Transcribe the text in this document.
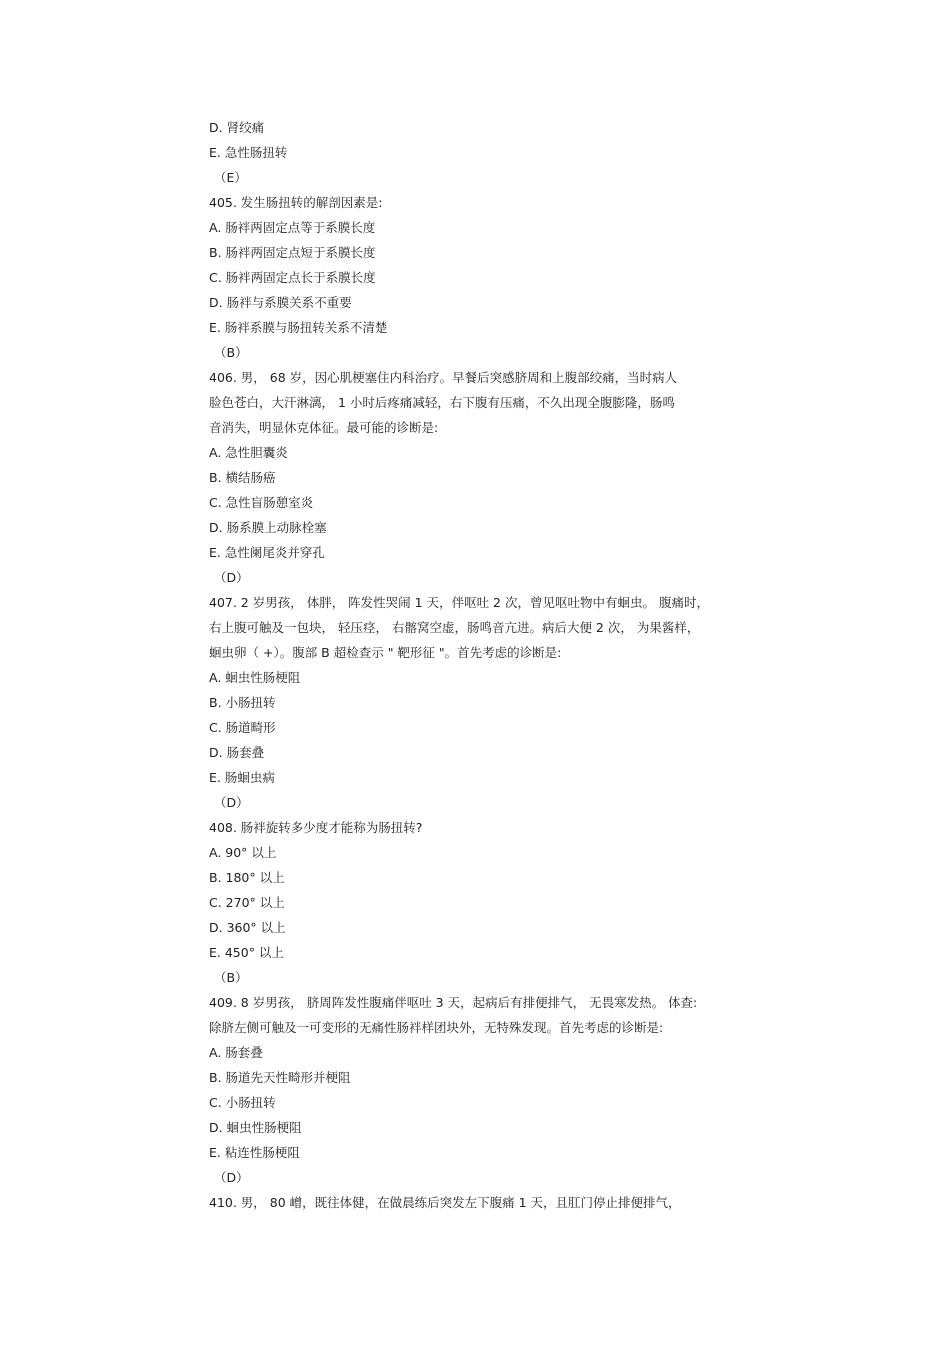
D. 肾绞痛
E. 急性肠扭转
（E）
405. 发生肠扭转的解剖因素是:
A. 肠袢两固定点等于系膜长度
B. 肠袢两固定点短于系膜长度
C. 肠袢两固定点长于系膜长度
D. 肠袢与系膜关系不重要
E. 肠袢系膜与肠扭转关系不清楚
（B）
406. 男， 68 岁，因心肌梗塞住内科治疗。早餐后突感脐周和上腹部绞痛，当时病人
脸色苍白，大汗淋漓， 1 小时后疼痛减轻，右下腹有压痛，不久出现全腹膨隆，肠鸣
音消失，明显休克体征。最可能的诊断是:
A. 急性胆囊炎
B. 横结肠癌
C. 急性盲肠憩室炎
D. 肠系膜上动脉栓塞
E. 急性阑尾炎并穿孔
（D）
407. 2 岁男孩， 体胖， 阵发性哭闹 1 天，伴呕吐 2 次，曾见呕吐物中有蛔虫。 腹痛时，
右上腹可触及一包块， 轻压痉， 右髂窝空虚，肠鸣音亢进。病后大便 2 次， 为果酱样，
蛔虫卵（ +）。腹部 B 超检查示 " 靶形征 "。首先考虑的诊断是:
A. 蛔虫性肠梗阻
B. 小肠扭转
C. 肠道畸形
D. 肠套叠
E. 肠蛔虫病
（D）
408. 肠袢旋转多少度才能称为肠扭转?
A. 90° 以上
B. 180° 以上
C. 270° 以上
D. 360° 以上
E. 450° 以上
（B）
409. 8 岁男孩， 脐周阵发性腹痛伴呕吐 3 天，起病后有排便排气， 无畏寒发热。 体查:
除脐左侧可触及一可变形的无痛性肠袢样团块外，无特殊发现。首先考虑的诊断是:
A. 肠套叠
B. 肠道先天性畸形并梗阻
C. 小肠扭转
D. 蛔虫性肠梗阻
E. 粘连性肠梗阻
（D）
410. 男， 80 嶒，既往体健，在做晨练后突发左下腹痛 1 天，且肛门停止排便排气，
